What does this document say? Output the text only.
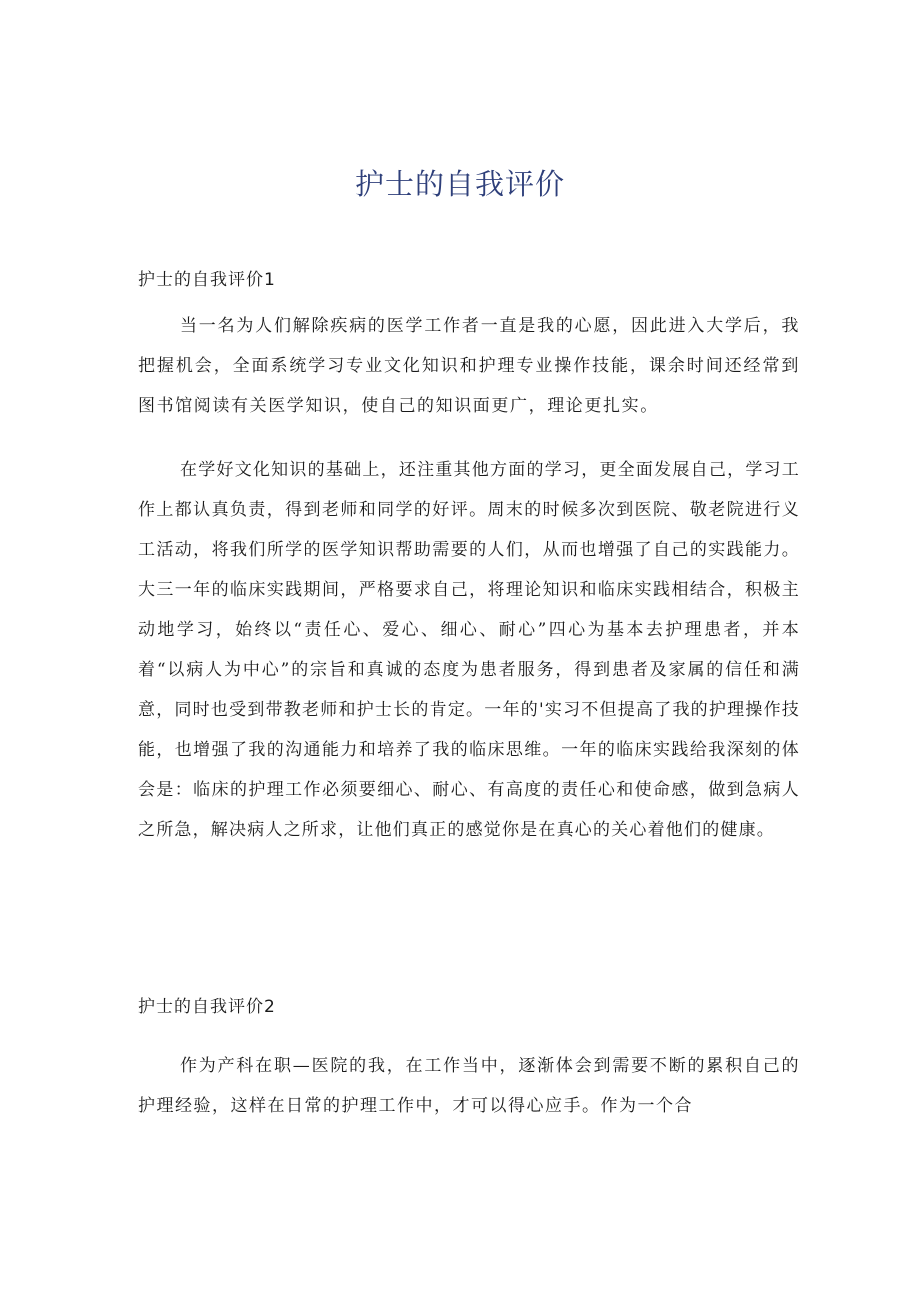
护士的自我评价
护士的自我评价1

当一名为人们解除疾病的医学工作者一直是我的心愿，因此进入大学后，我把握机会，全面系统学习专业文化知识和护理专业操作技能，课余时间还经常到图书馆阅读有关医学知识，使自己的知识面更广，理论更扎实。

在学好文化知识的基础上，还注重其他方面的学习，更全面发展自己，学习工作上都认真负责，得到老师和同学的好评。周末的时候多次到医院、敬老院进行义工活动，将我们所学的医学知识帮助需要的人们，从而也增强了自己的实践能力。大三一年的临床实践期间，严格要求自己，将理论知识和临床实践相结合，积极主动地学习，始终以“责任心、爱心、细心、耐心”四心为基本去护理患者，并本着“以病人为中心”的宗旨和真诚的态度为患者服务，得到患者及家属的信任和满意，同时也受到带教老师和护士长的肯定。一年的'实习不但提高了我的护理操作技能，也增强了我的沟通能力和培养了我的临床思维。一年的临床实践给我深刻的体会是：临床的护理工作必须要细心、耐心、有高度的责任心和使命感，做到急病人之所急，解决病人之所求，让他们真正的感觉你是在真心的关心着他们的健康。

护士的自我评价2

作为产科在职—医院的我，在工作当中，逐渐体会到需要不断的累积自己的护理经验，这样在日常的护理工作中，才可以得心应手。作为一个合
